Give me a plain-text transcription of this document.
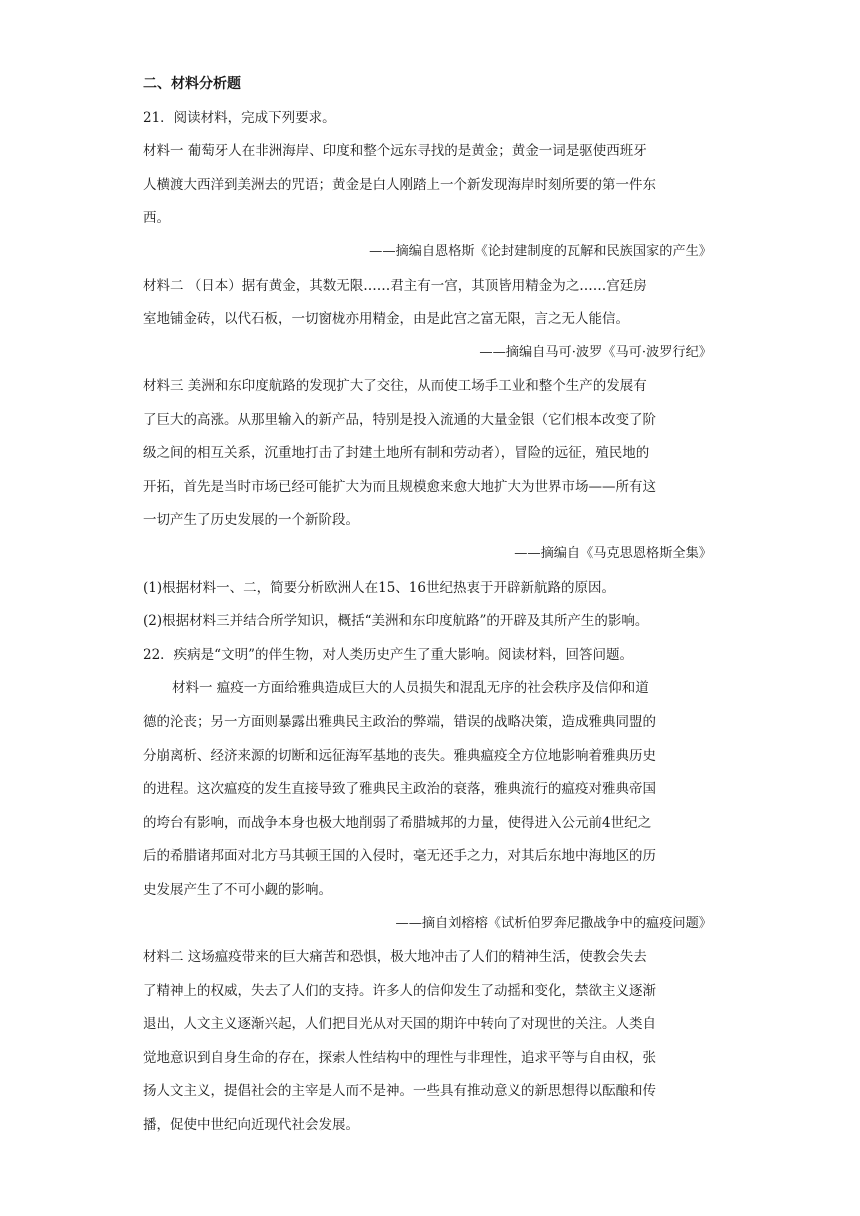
二、材料分析题
21．阅读材料，完成下列要求。
材料一 葡萄牙人在非洲海岸、印度和整个远东寻找的是黄金；黄金一词是驱使西班牙
人横渡大西洋到美洲去的咒语；黄金是白人刚踏上一个新发现海岸时刻所要的第一件东
西。
——摘编自恩格斯《论封建制度的瓦解和民族国家的产生》
材料二 （日本）据有黄金，其数无限……君主有一宫，其顶皆用精金为之……宫廷房
室地铺金砖，以代石板，一切窗栊亦用精金，由是此宫之富无限，言之无人能信。
——摘编自马可·波罗《马可·波罗行纪》
材料三 美洲和东印度航路的发现扩大了交往，从而使工场手工业和整个生产的发展有
了巨大的高涨。从那里输入的新产品，特别是投入流通的大量金银（它们根本改变了阶
级之间的相互关系，沉重地打击了封建土地所有制和劳动者），冒险的远征，殖民地的
开拓，首先是当时市场已经可能扩大为而且规模愈来愈大地扩大为世界市场——所有这
一切产生了历史发展的一个新阶段。
——摘编自《马克思恩格斯全集》
(1)根据材料一、二，简要分析欧洲人在15、16世纪热衷于开辟新航路的原因。
(2)根据材料三并结合所学知识，概括“美洲和东印度航路”的开辟及其所产生的影响。
22．疾病是“文明”的伴生物，对人类历史产生了重大影响。阅读材料，回答问题。
材料一 瘟疫一方面给雅典造成巨大的人员损失和混乱无序的社会秩序及信仰和道
德的沦丧；另一方面则暴露出雅典民主政治的弊端，错误的战略决策，造成雅典同盟的
分崩离析、经济来源的切断和远征海军基地的丧失。雅典瘟疫全方位地影响着雅典历史
的进程。这次瘟疫的发生直接导致了雅典民主政治的衰落，雅典流行的瘟疫对雅典帝国
的垮台有影响，而战争本身也极大地削弱了希腊城邦的力量，使得进入公元前4世纪之
后的希腊诸邦面对北方马其顿王国的入侵时，毫无还手之力，对其后东地中海地区的历
史发展产生了不可小觑的影响。
——摘自刘榕榕《试析伯罗奔尼撒战争中的瘟疫问题》
材料二 这场瘟疫带来的巨大痛苦和恐惧，极大地冲击了人们的精神生活，使教会失去
了精神上的权威，失去了人们的支持。许多人的信仰发生了动摇和变化，禁欲主义逐渐
退出，人文主义逐渐兴起，人们把目光从对天国的期许中转向了对现世的关注。人类自
觉地意识到自身生命的存在，探索人性结构中的理性与非理性，追求平等与自由权，张
扬人文主义，提倡社会的主宰是人而不是神。一些具有推动意义的新思想得以酝酿和传
播，促使中世纪向近现代社会发展。
